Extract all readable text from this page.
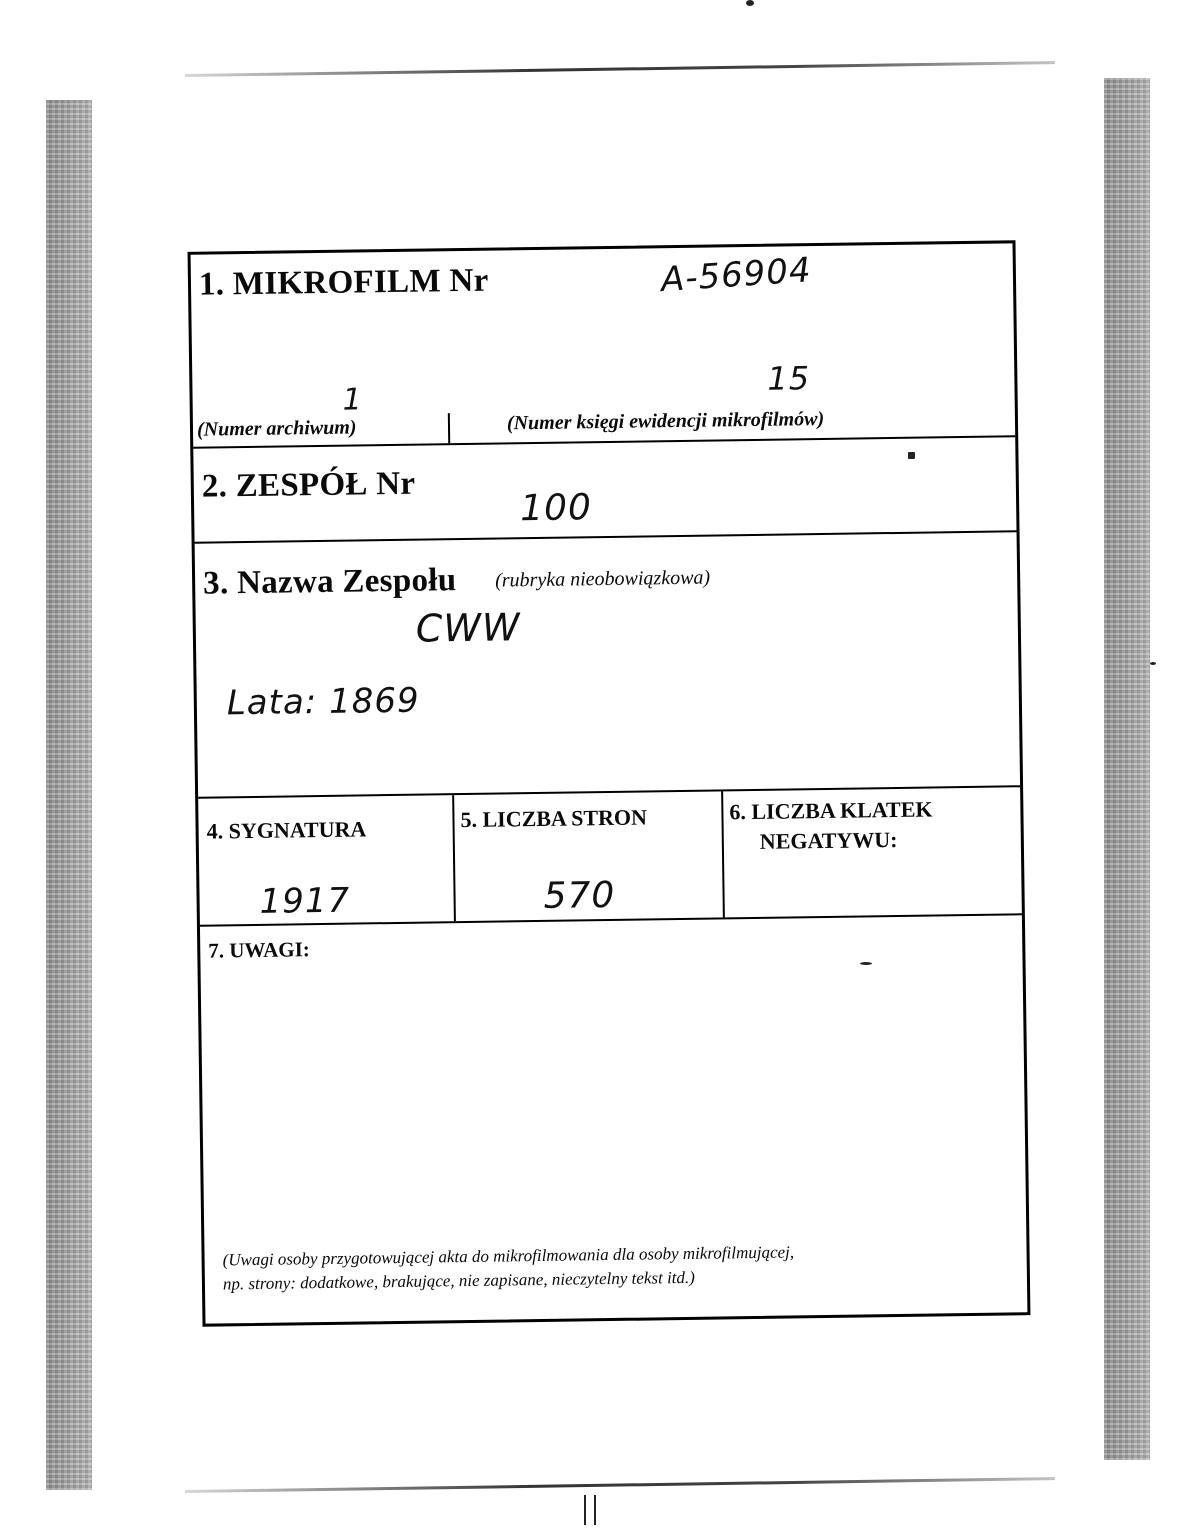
1. MIKROFILM Nr	A-56904
1
15
(Numer archiwum)	(Numer księgi ewidencji mikrofilmów)
2. ZESPÓŁ Nr
100
3. Nazwa Zespołu (rubryka nieobowiązkowa)
CWW
Lata: 1869
4. SYGNATURA
1917
5. LICZBA STRON
570
6. LICZBA KLATEK
NEGATYWU:
7. UWAGI:
(Uwagi osoby przygotowującej akta do mikrofilmowania dla osoby mikrofilmującej,
np. strony: dodatkowe, brakujące, nie zapisane, nieczytelny tekst itd.)
